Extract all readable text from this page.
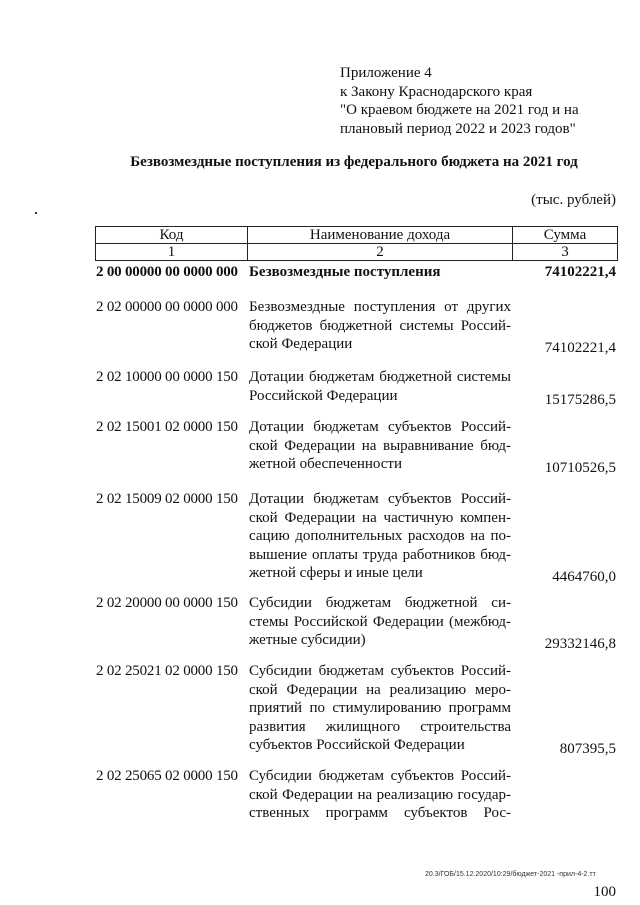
Приложение 4
к Закону Краснодарского края
"О краевом бюджете на 2021 год и на
плановый период 2022 и 2023 годов"
Безвозмездные поступления из федерального бюджета на 2021 год
(тыс. рублей)
Код	Наименование дохода	Сумма
1	2	3
2 00 00000 00 0000 000 Безвозмездные поступления	74102221,4
2 02 00000 00 0000 000 Безвозмездные поступления от других
бюджетов бюджетной системы Россий-
ской Федерации	74102221,4
2 02 10000 00 0000 150 Дотации бюджетам бюджетной системы
Российской Федерации	15175286,5
2 02 15001 02 0000 150 Дотации бюджетам субъектов Россий-
ской Федерации на выравнивание бюд-
жетной обеспеченности	10710526,5
2 02 15009 02 0000 150 Дотации бюджетам субъектов Россий-
ской Федерации на частичную компен-
сацию дополнительных расходов на по-
вышение оплаты труда работников бюд-
жетной сферы и иные цели	4464760,0
2 02 20000 00 0000 150 Субсидии бюджетам бюджетной си-
стемы Российской Федерации (межбюд-
жетные субсидии)	29332146,8
2 02 25021 02 0000 150 Субсидии бюджетам субъектов Россий-
ской Федерации на реализацию меро-
приятий по стимулированию программ
развития жилищного строительства
субъектов Российской Федерации	807395,5
2 02 25065 02 0000 150 Субсидии бюджетам субъектов Россий-
ской Федерации на реализацию государ-
ственных программ субъектов Рос-
20.3/ГОБ/15.12.2020/10:29/бюджет-2021 -прил-4-2.тт
100
